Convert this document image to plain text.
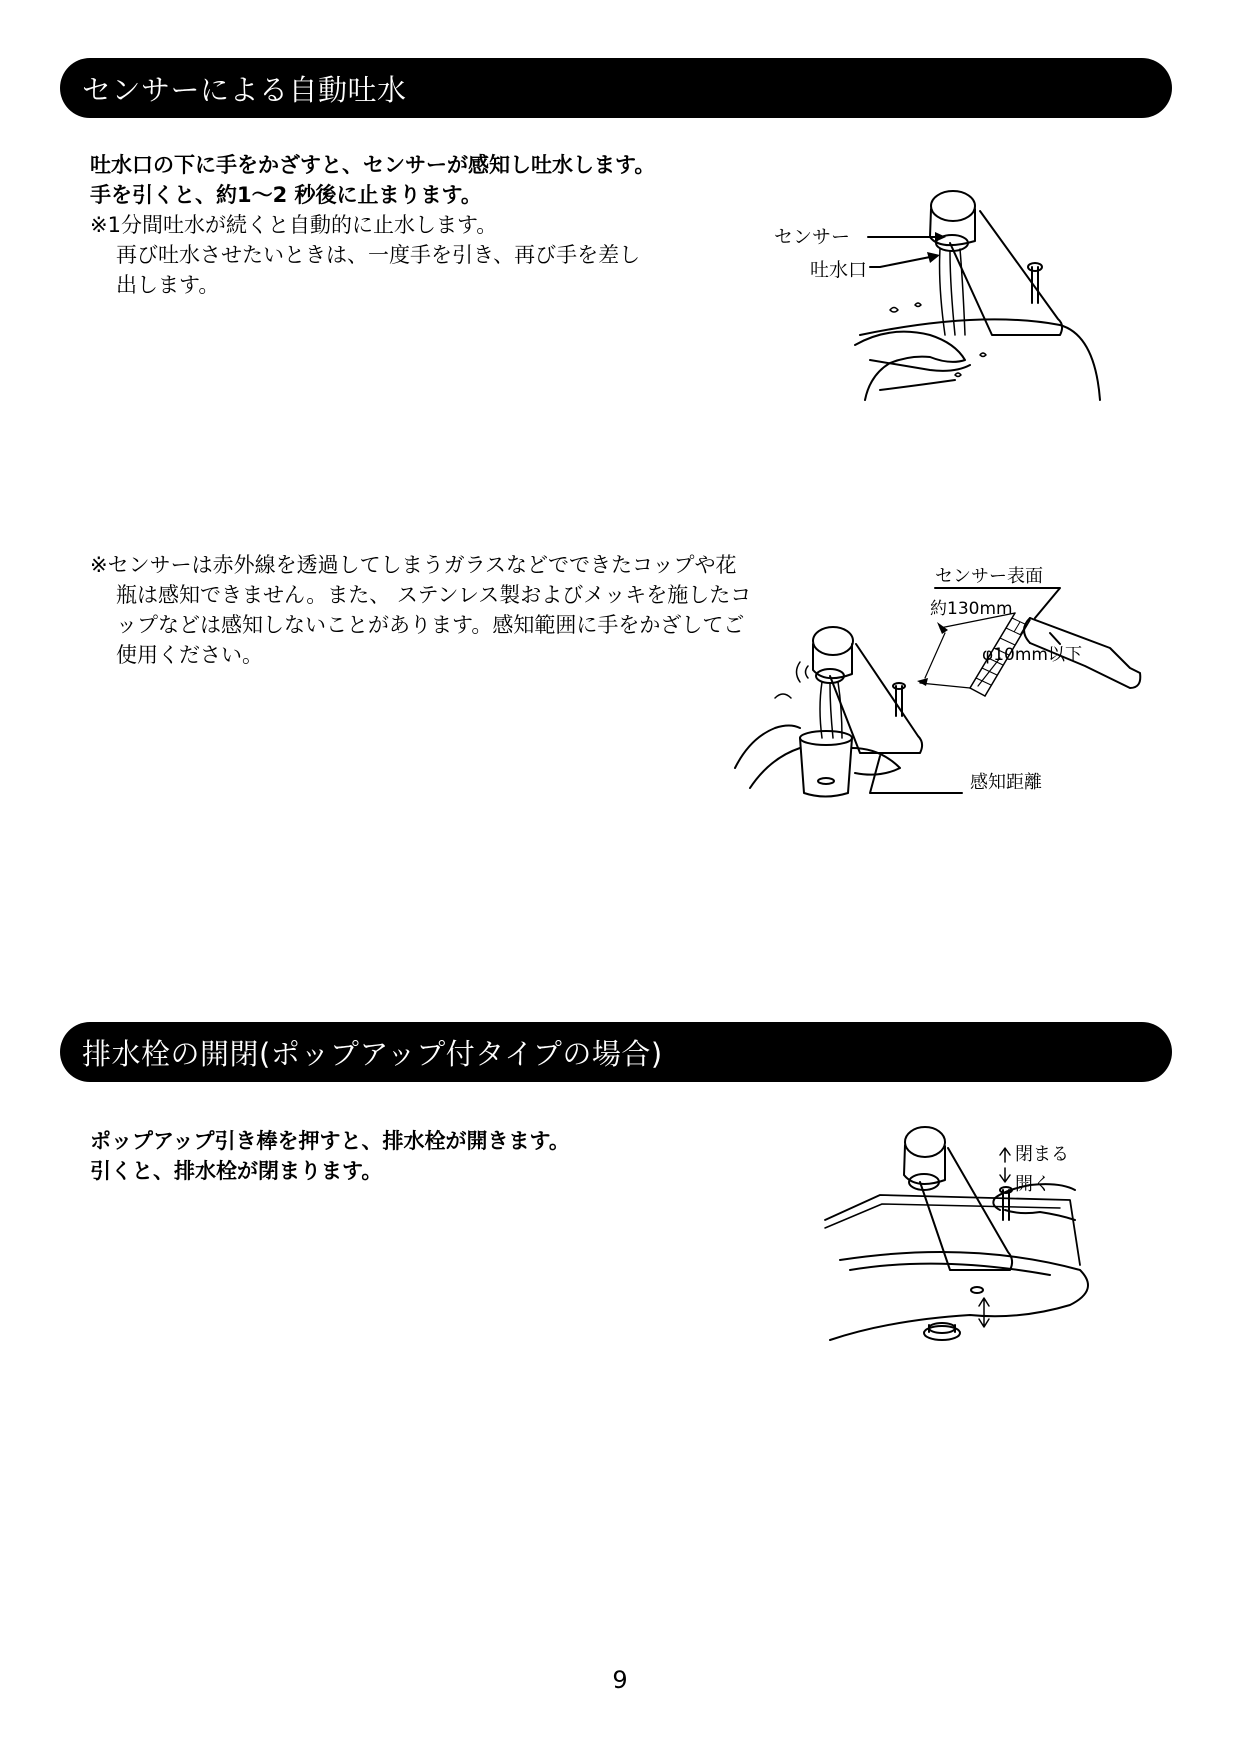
センサーによる自動吐水
吐水口の下に手をかざすと、センサーが感知し吐水します。
手を引くと、約1～2 秒後に止まります。
※1分間吐水が続くと自動的に止水します。
再び吐水させたいときは、一度手を引き、再び手を差し
出します。
センサー
吐水口
※センサーは赤外線を透過してしまうガラスなどでできたコップや花瓶は感知できません。また、 ステンレス製およびメッキを施したコップなどは感知しないことがあります。感知範囲に手をかざしてご使用ください。
センサー表面
約130mm
φ10mm以下
感知距離
排水栓の開閉(ポップアップ付タイプの場合)
ポップアップ引き棒を押すと、排水栓が開きます。
引くと、排水栓が閉まります。
閉まる
開く
9
